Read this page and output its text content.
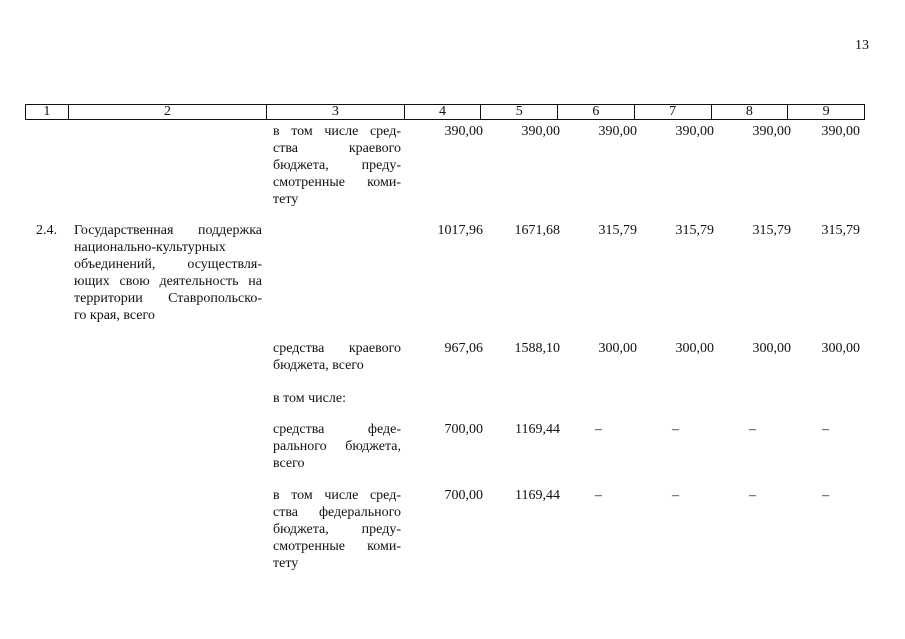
13
1	2	3	4	5	6	7	8	9
в том числе сред-
ства краевого
бюджета, преду-
смотренные коми-
тету
390,00	390,00	390,00	390,00	390,00	390,00
2.4.	Государственная поддержка
национально-культурных
объединений, осуществля-
ющих свою деятельность на
территории Ставропольско-
го края, всего
1017,96	1671,68	315,79	315,79	315,79	315,79
средства краевого
бюджета, всего
967,06	1588,10	300,00	300,00	300,00	300,00
в том числе:
средства феде-
рального бюджета,
всего
700,00	1169,44	–	–	–	–
в том числе сред-
ства федерального
бюджета, преду-
смотренные коми-
тету
700,00	1169,44	–	–	–	–
